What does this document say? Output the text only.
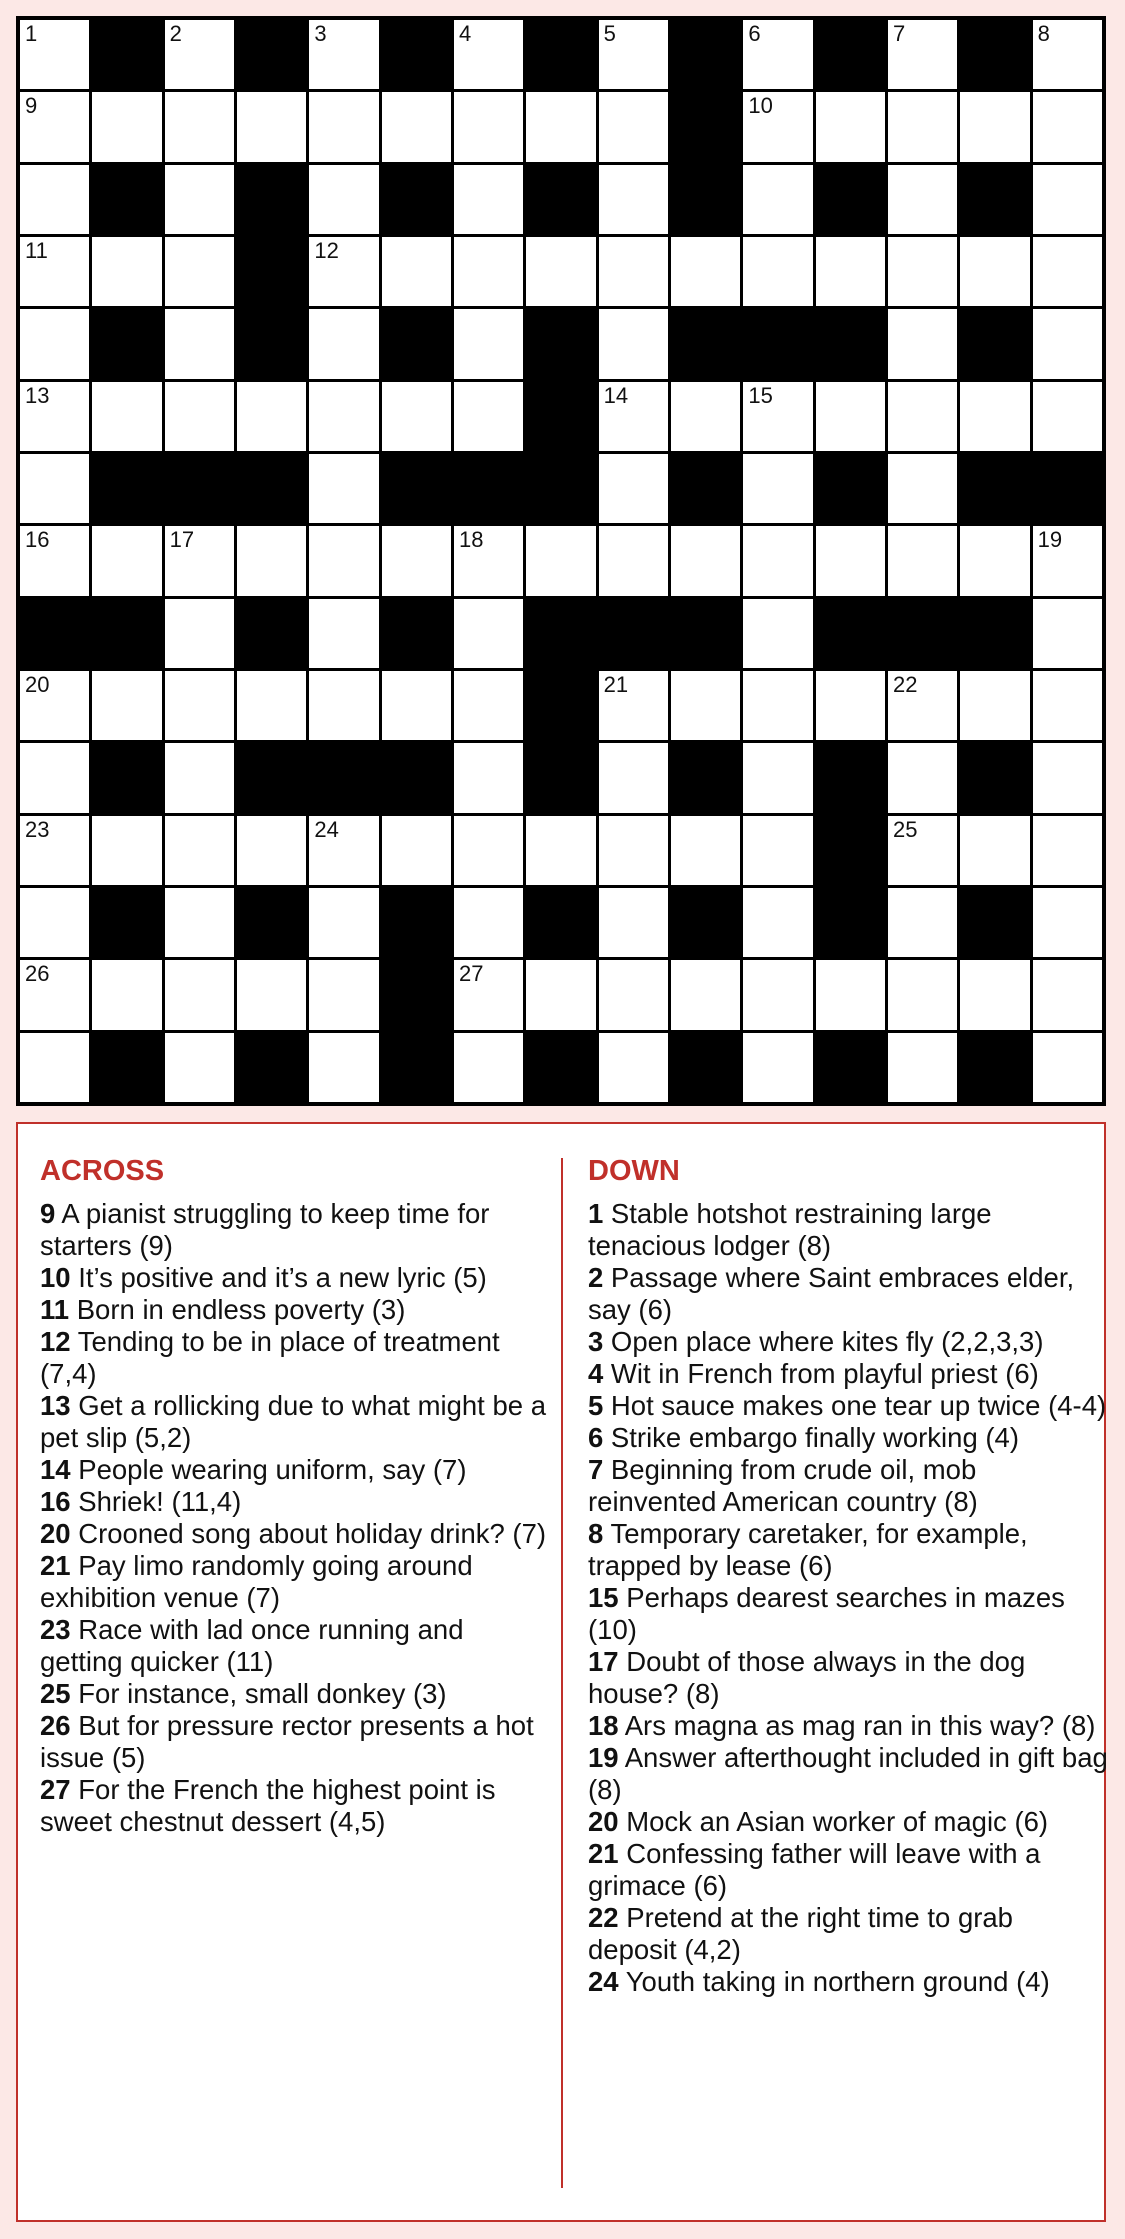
1	2	3	4	5	6	7	8
9	10
11	12
13	14	15
16	17	18	19
20	21	22
23	24	25
26	27
ACROSS
9 A pianist struggling to keep time for starters (9)
10 It’s positive and it’s a new lyric (5)
11 Born in endless poverty (3)
12 Tending to be in place of treatment (7,4)
13 Get a rollicking due to what might be a pet slip (5,2)
14 People wearing uniform, say (7)
16 Shriek! (11,4)
20 Crooned song about holiday drink? (7)
21 Pay limo randomly going around exhibition venue (7)
23 Race with lad once running and getting quicker (11)
25 For instance, small donkey (3)
26 But for pressure rector presents a hot issue (5)
27 For the French the highest point is sweet chestnut dessert (4,5)
DOWN
1 Stable hotshot restraining large tenacious lodger (8)
2 Passage where Saint embraces elder, say (6)
3 Open place where kites fly (2,2,3,3)
4 Wit in French from playful priest (6)
5 Hot sauce makes one tear up twice (4-4)
6 Strike embargo finally working (4)
7 Beginning from crude oil, mob reinvented American country (8)
8 Temporary caretaker, for example, trapped by lease (6)
15 Perhaps dearest searches in mazes (10)
17 Doubt of those always in the dog house? (8)
18 Ars magna as mag ran in this way? (8)
19 Answer afterthought included in gift bag (8)
20 Mock an Asian worker of magic (6)
21 Confessing father will leave with a grimace (6)
22 Pretend at the right time to grab deposit (4,2)
24 Youth taking in northern ground (4)
